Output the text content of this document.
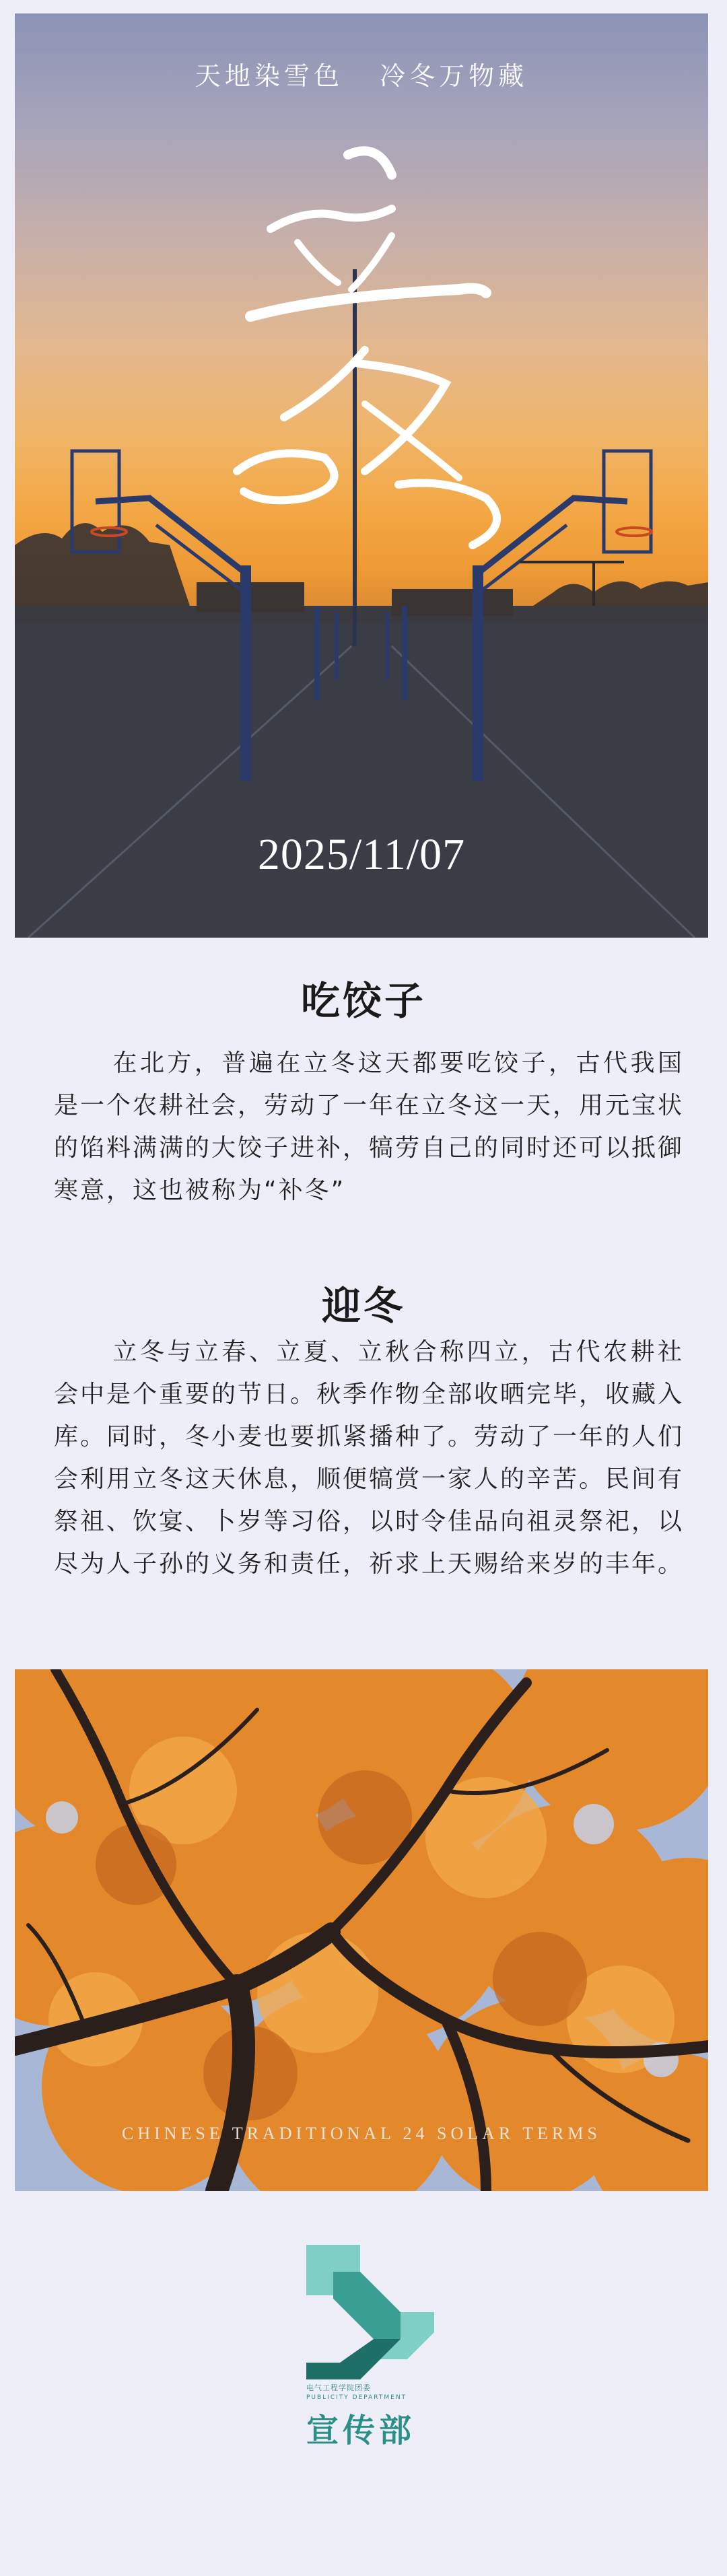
天地染雪色   冷冬万物藏
2025/11/07
吃饺子
在北方，普遍在立冬这天都要吃饺子，古代我国是一个农耕社会，劳动了一年在立冬这一天，用元宝状的馅料满满的大饺子进补，犒劳自己的同时还可以抵御寒意，这也被称为“补冬”
迎冬
立冬与立春、立夏、立秋合称四立，古代农耕社会中是个重要的节日。秋季作物全部收晒完毕，收藏入库。同时，冬小麦也要抓紧播种了。劳动了一年的人们会利用立冬这天休息，顺便犒赏一家人的辛苦。民间有祭祖、饮宴、卜岁等习俗，以时令佳品向祖灵祭祀，以尽为人子孙的义务和责任，祈求上天赐给来岁的丰年。
CHINESE TRADITIONAL 24 SOLAR TERMS
电气工程学院团委
PUBLICITY DEPARTMENT
宣传部
